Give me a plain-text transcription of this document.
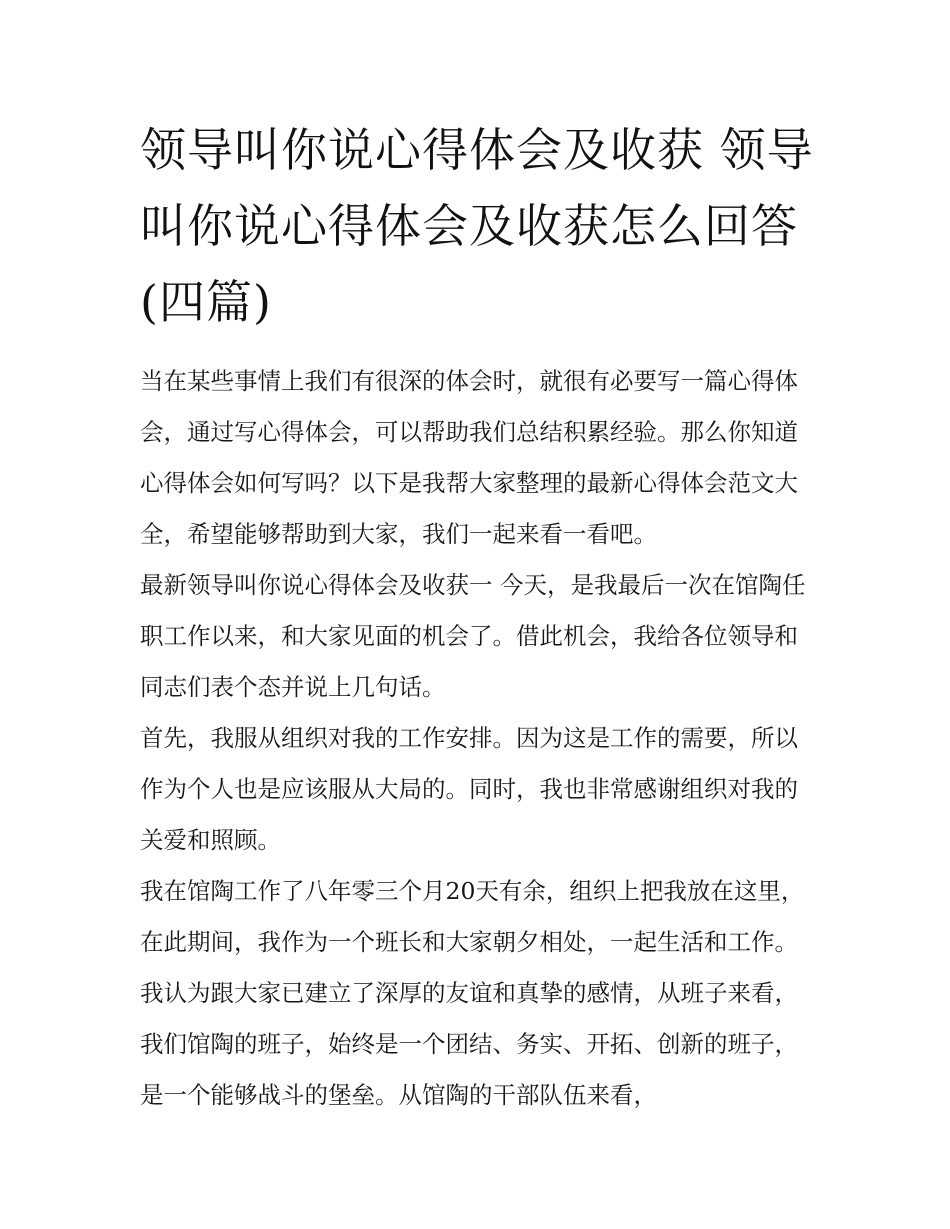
领导叫你说心得体会及收获 领导叫你说心得体会及收获怎么回答(四篇)

当在某些事情上我们有很深的体会时，就很有必要写一篇心得体会，通过写心得体会，可以帮助我们总结积累经验。那么你知道心得体会如何写吗？以下是我帮大家整理的最新心得体会范文大全，希望能够帮助到大家，我们一起来看一看吧。

最新领导叫你说心得体会及收获一 今天，是我最后一次在馆陶任职工作以来，和大家见面的机会了。借此机会，我给各位领导和同志们表个态并说上几句话。

首先，我服从组织对我的工作安排。因为这是工作的需要，所以作为个人也是应该服从大局的。同时，我也非常感谢组织对我的关爱和照顾。

我在馆陶工作了八年零三个月20天有余，组织上把我放在这里，在此期间，我作为一个班长和大家朝夕相处，一起生活和工作。我认为跟大家已建立了深厚的友谊和真挚的感情，从班子来看，我们馆陶的班子，始终是一个团结、务实、开拓、创新的班子，是一个能够战斗的堡垒。从馆陶的干部队伍来看，
